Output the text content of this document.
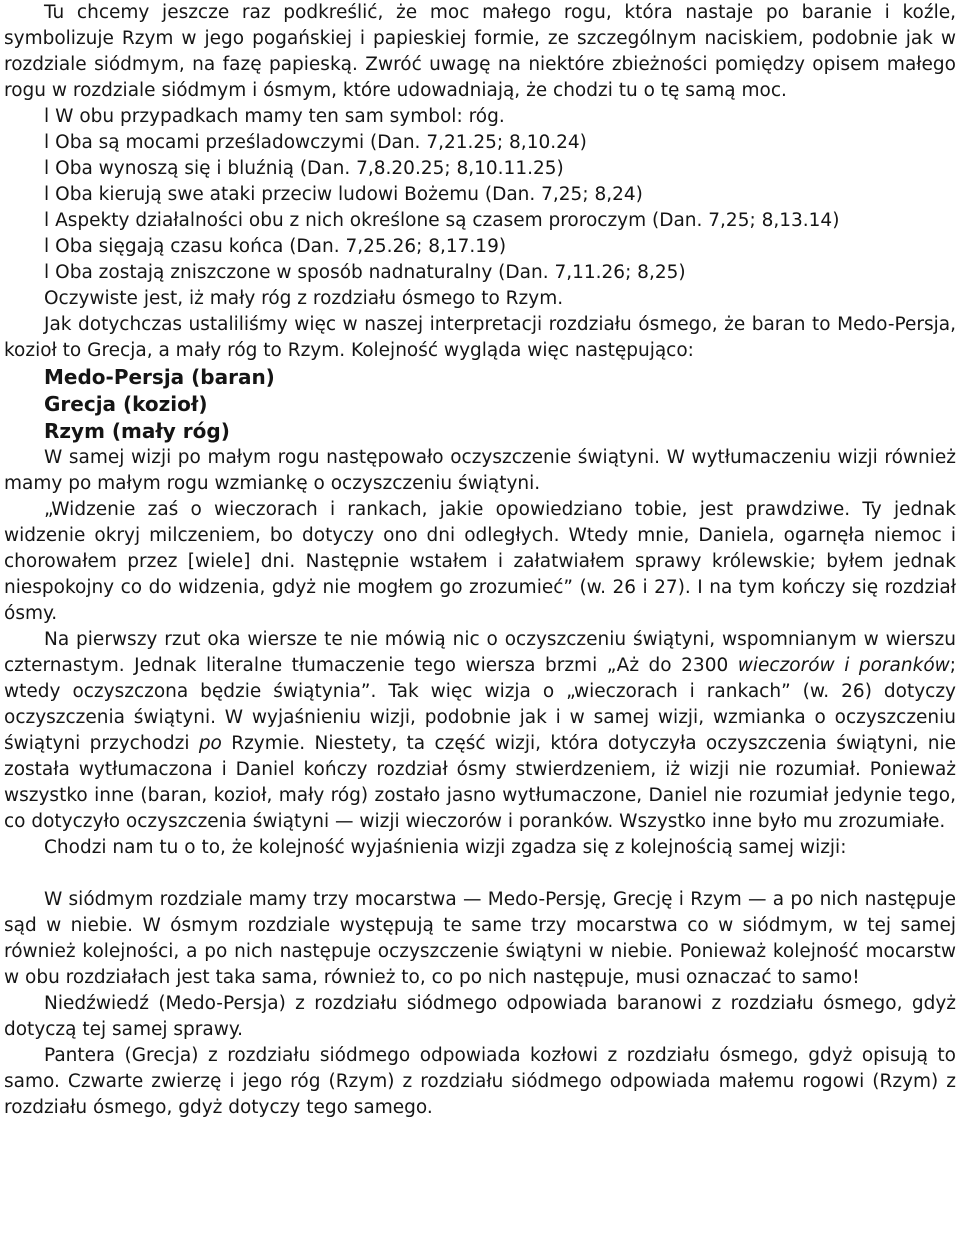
Tu chcemy jeszcze raz podkreślić, że moc małego rogu, która nastaje po baranie i koźle, symbolizuje Rzym w jego pogańskiej i papieskiej formie, ze szczególnym naciskiem, podobnie jak w rozdziale siódmym, na fazę papieską. Zwróć uwagę na niektóre zbieżności pomiędzy opisem małego rogu w rozdziale siódmym i ósmym, które udowadniają, że chodzi tu o tę samą moc.

l W obu przypadkach mamy ten sam symbol: róg.
l Oba są mocami prześladowczymi (Dan. 7,21.25; 8,10.24)
l Oba wynoszą się i bluźnią (Dan. 7,8.20.25; 8,10.11.25)
l Oba kierują swe ataki przeciw ludowi Bożemu (Dan. 7,25; 8,24)
l Aspekty działalności obu z nich określone są czasem proroczym (Dan. 7,25; 8,13.14)
l Oba sięgają czasu końca (Dan. 7,25.26; 8,17.19)
l Oba zostają zniszczone w sposób nadnaturalny (Dan. 7,11.26; 8,25)
Oczywiste jest, iż mały róg z rozdziału ósmego to Rzym.

Jak dotychczas ustaliliśmy więc w naszej interpretacji rozdziału ósmego, że baran to Medo-Persja, kozioł to Grecja, a mały róg to Rzym. Kolejność wygląda więc następująco:

Medo-Persja (baran)
Grecja (kozioł)
Rzym (mały róg)

W samej wizji po małym rogu następowało oczyszczenie świątyni. W wytłumaczeniu wizji również mamy po małym rogu wzmiankę o oczyszczeniu świątyni.

„Widzenie zaś o wieczorach i rankach, jakie opowiedziano tobie, jest prawdziwe. Ty jednak widzenie okryj milczeniem, bo dotyczy ono dni odległych. Wtedy mnie, Daniela, ogarnęła niemoc i chorowałem przez [wiele] dni. Następnie wstałem i załatwiałem sprawy królewskie; byłem jednak niespokojny co do widzenia, gdyż nie mogłem go zrozumieć” (w. 26 i 27). I na tym kończy się rozdział ósmy.

Na pierwszy rzut oka wiersze te nie mówią nic o oczyszczeniu świątyni, wspomnianym w wierszu czternastym. Jednak literalne tłumaczenie tego wiersza brzmi „Aż do 2300 wieczorów i poranków; wtedy oczyszczona będzie świątynia”. Tak więc wizja o „wieczorach i rankach” (w. 26) dotyczy oczyszczenia świątyni. W wyjaśnieniu wizji, podobnie jak i w samej wizji, wzmianka o oczyszczeniu świątyni przychodzi po Rzymie. Niestety, ta część wizji, która dotyczyła oczyszczenia świątyni, nie została wytłumaczona i Daniel kończy rozdział ósmy stwierdzeniem, iż wizji nie rozumiał. Ponieważ wszystko inne (baran, kozioł, mały róg) zostało jasno wytłumaczone, Daniel nie rozumiał jedynie tego, co dotyczyło oczyszczenia świątyni — wizji wieczorów i poranków. Wszystko inne było mu zrozumiałe.

Chodzi nam tu o to, że kolejność wyjaśnienia wizji zgadza się z kolejnością samej wizji:

W siódmym rozdziale mamy trzy mocarstwa — Medo-Persję, Grecję i Rzym — a po nich następuje sąd w niebie. W ósmym rozdziale występują te same trzy mocarstwa co w siódmym, w tej samej również kolejności, a po nich następuje oczyszczenie świątyni w niebie. Ponieważ kolejność mocarstw w obu rozdziałach jest taka sama, również to, co po nich następuje, musi oznaczać to samo!

Niedźwiedź (Medo-Persja) z rozdziału siódmego odpowiada baranowi z rozdziału ósmego, gdyż dotyczą tej samej sprawy.

Pantera (Grecja) z rozdziału siódmego odpowiada kozłowi z rozdziału ósmego, gdyż opisują to samo. Czwarte zwierzę i jego róg (Rzym) z rozdziału siódmego odpowiada małemu rogowi (Rzym) z rozdziału ósmego, gdyż dotyczy tego samego.
